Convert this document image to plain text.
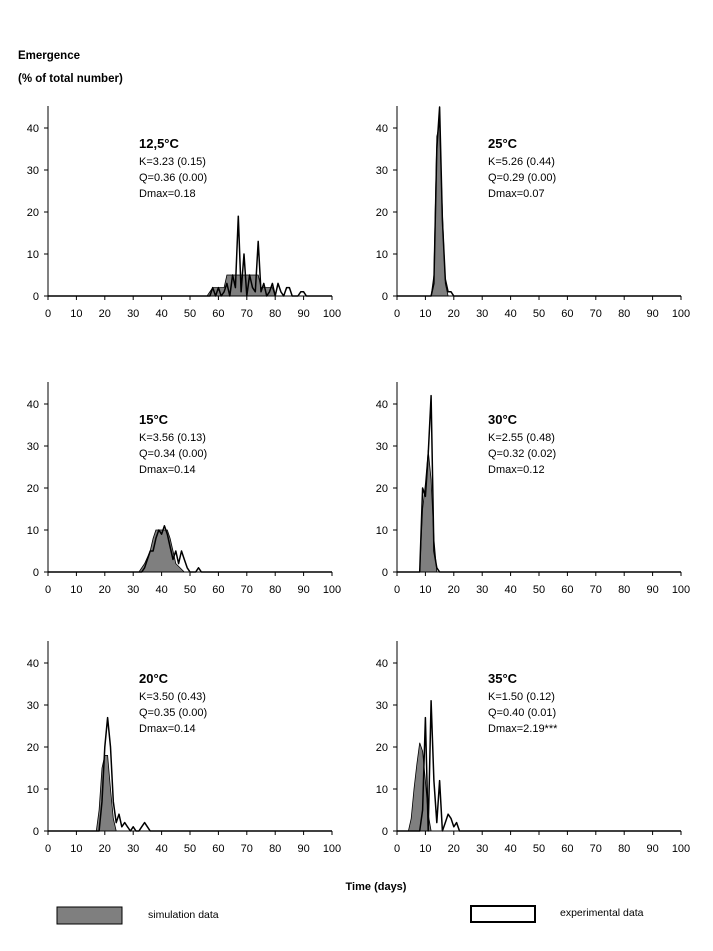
Emergence
(% of total number)
0 10 20 30 40 50 60 70 80 90 100
0
10
20
30
40
12,5°C
K=3.23 (0.15)
Q=0.36 (0.00)
Dmax=0.18
0 10 20 30 40 50 60 70 80 90 100
0
10
20
30
40
25°C
K=5.26 (0.44)
Q=0.29 (0.00)
Dmax=0.07
0 10 20 30 40 50 60 70 80 90 100
0
10
20
30
40
15°C
K=3.56 (0.13)
Q=0.34 (0.00)
Dmax=0.14
0 10 20 30 40 50 60 70 80 90 100
0
10
20
30
40
30°C
K=2.55 (0.48)
Q=0.32 (0.02)
Dmax=0.12
0 10 20 30 40 50 60 70 80 90 100
0
10
20
30
40
20°C
K=3.50 (0.43)
Q=0.35 (0.00)
Dmax=0.14
0 10 20 30 40 50 60 70 80 90 100
0
10
20
30
40
35°C
K=1.50 (0.12)
Q=0.40 (0.01)
Dmax=2.19***
Time (days)
simulation data	experimental data
